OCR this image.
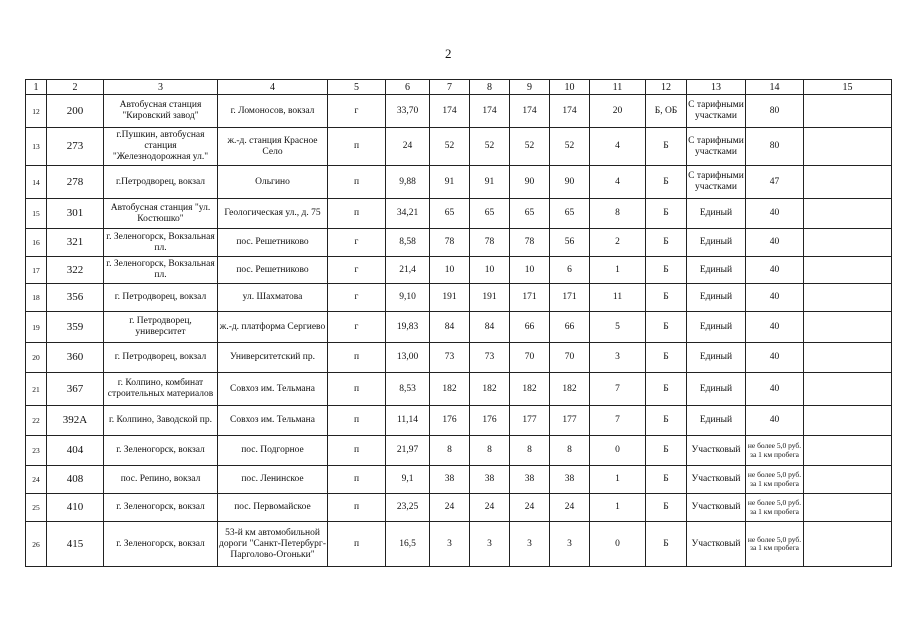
2
1	2	3	4	5	6	7	8	9	10	11	12	13	14	15
12	200	Автобусная станция "Кировский завод"	г. Ломоносов, вокзал	г	33,70	174	174	174	174	20	Б, ОБ	С тарифными участками	80	
13	273	г.Пушкин, автобусная станция "Железнодорожная ул."	ж.-д. станция Красное Село	п	24	52	52	52	52	4	Б	С тарифными участками	80	
14	278	г.Петродворец, вокзал	Ольгино	п	9,88	91	91	90	90	4	Б	С тарифными участками	47	
15	301	Автобусная станция "ул. Костюшко"	Геологическая ул., д. 75	п	34,21	65	65	65	65	8	Б	Единый	40	
16	321	г. Зеленогорск, Вокзальная пл.	пос. Решетниково	г	8,58	78	78	78	56	2	Б	Единый	40	
17	322	г. Зеленогорск, Вокзальная пл.	пос. Решетниково	г	21,4	10	10	10	6	1	Б	Единый	40	
18	356	г. Петродворец, вокзал	ул. Шахматова	г	9,10	191	191	171	171	11	Б	Единый	40	
19	359	г. Петродворец, университет	ж.-д. платформа Сергиево	г	19,83	84	84	66	66	5	Б	Единый	40	
20	360	г. Петродворец, вокзал	Университетский пр.	п	13,00	73	73	70	70	3	Б	Единый	40	
21	367	г. Колпино, комбинат строительных материалов	Совхоз им. Тельмана	п	8,53	182	182	182	182	7	Б	Единый	40	
22	392А	г. Колпино, Заводской пр.	Совхоз им. Тельмана	п	11,14	176	176	177	177	7	Б	Единый	40	
23	404	г. Зеленогорск, вокзал	пос. Подгорное	п	21,97	8	8	8	8	0	Б	Участковый	не более 5,0 руб. за 1 км пробега	
24	408	пос. Репино, вокзал	пос. Ленинское	п	9,1	38	38	38	38	1	Б	Участковый	не более 5,0 руб. за 1 км пробега	
25	410	г. Зеленогорск, вокзал	пос. Первомайское	п	23,25	24	24	24	24	1	Б	Участковый	не более 5,0 руб. за 1 км пробега	
26	415	г. Зеленогорск, вокзал	53-й км автомобильной дороги "Санкт-Петербург-Парголово-Огоньки"	п	16,5	3	3	3	3	0	Б	Участковый	не более 5,0 руб. за 1 км пробега	
